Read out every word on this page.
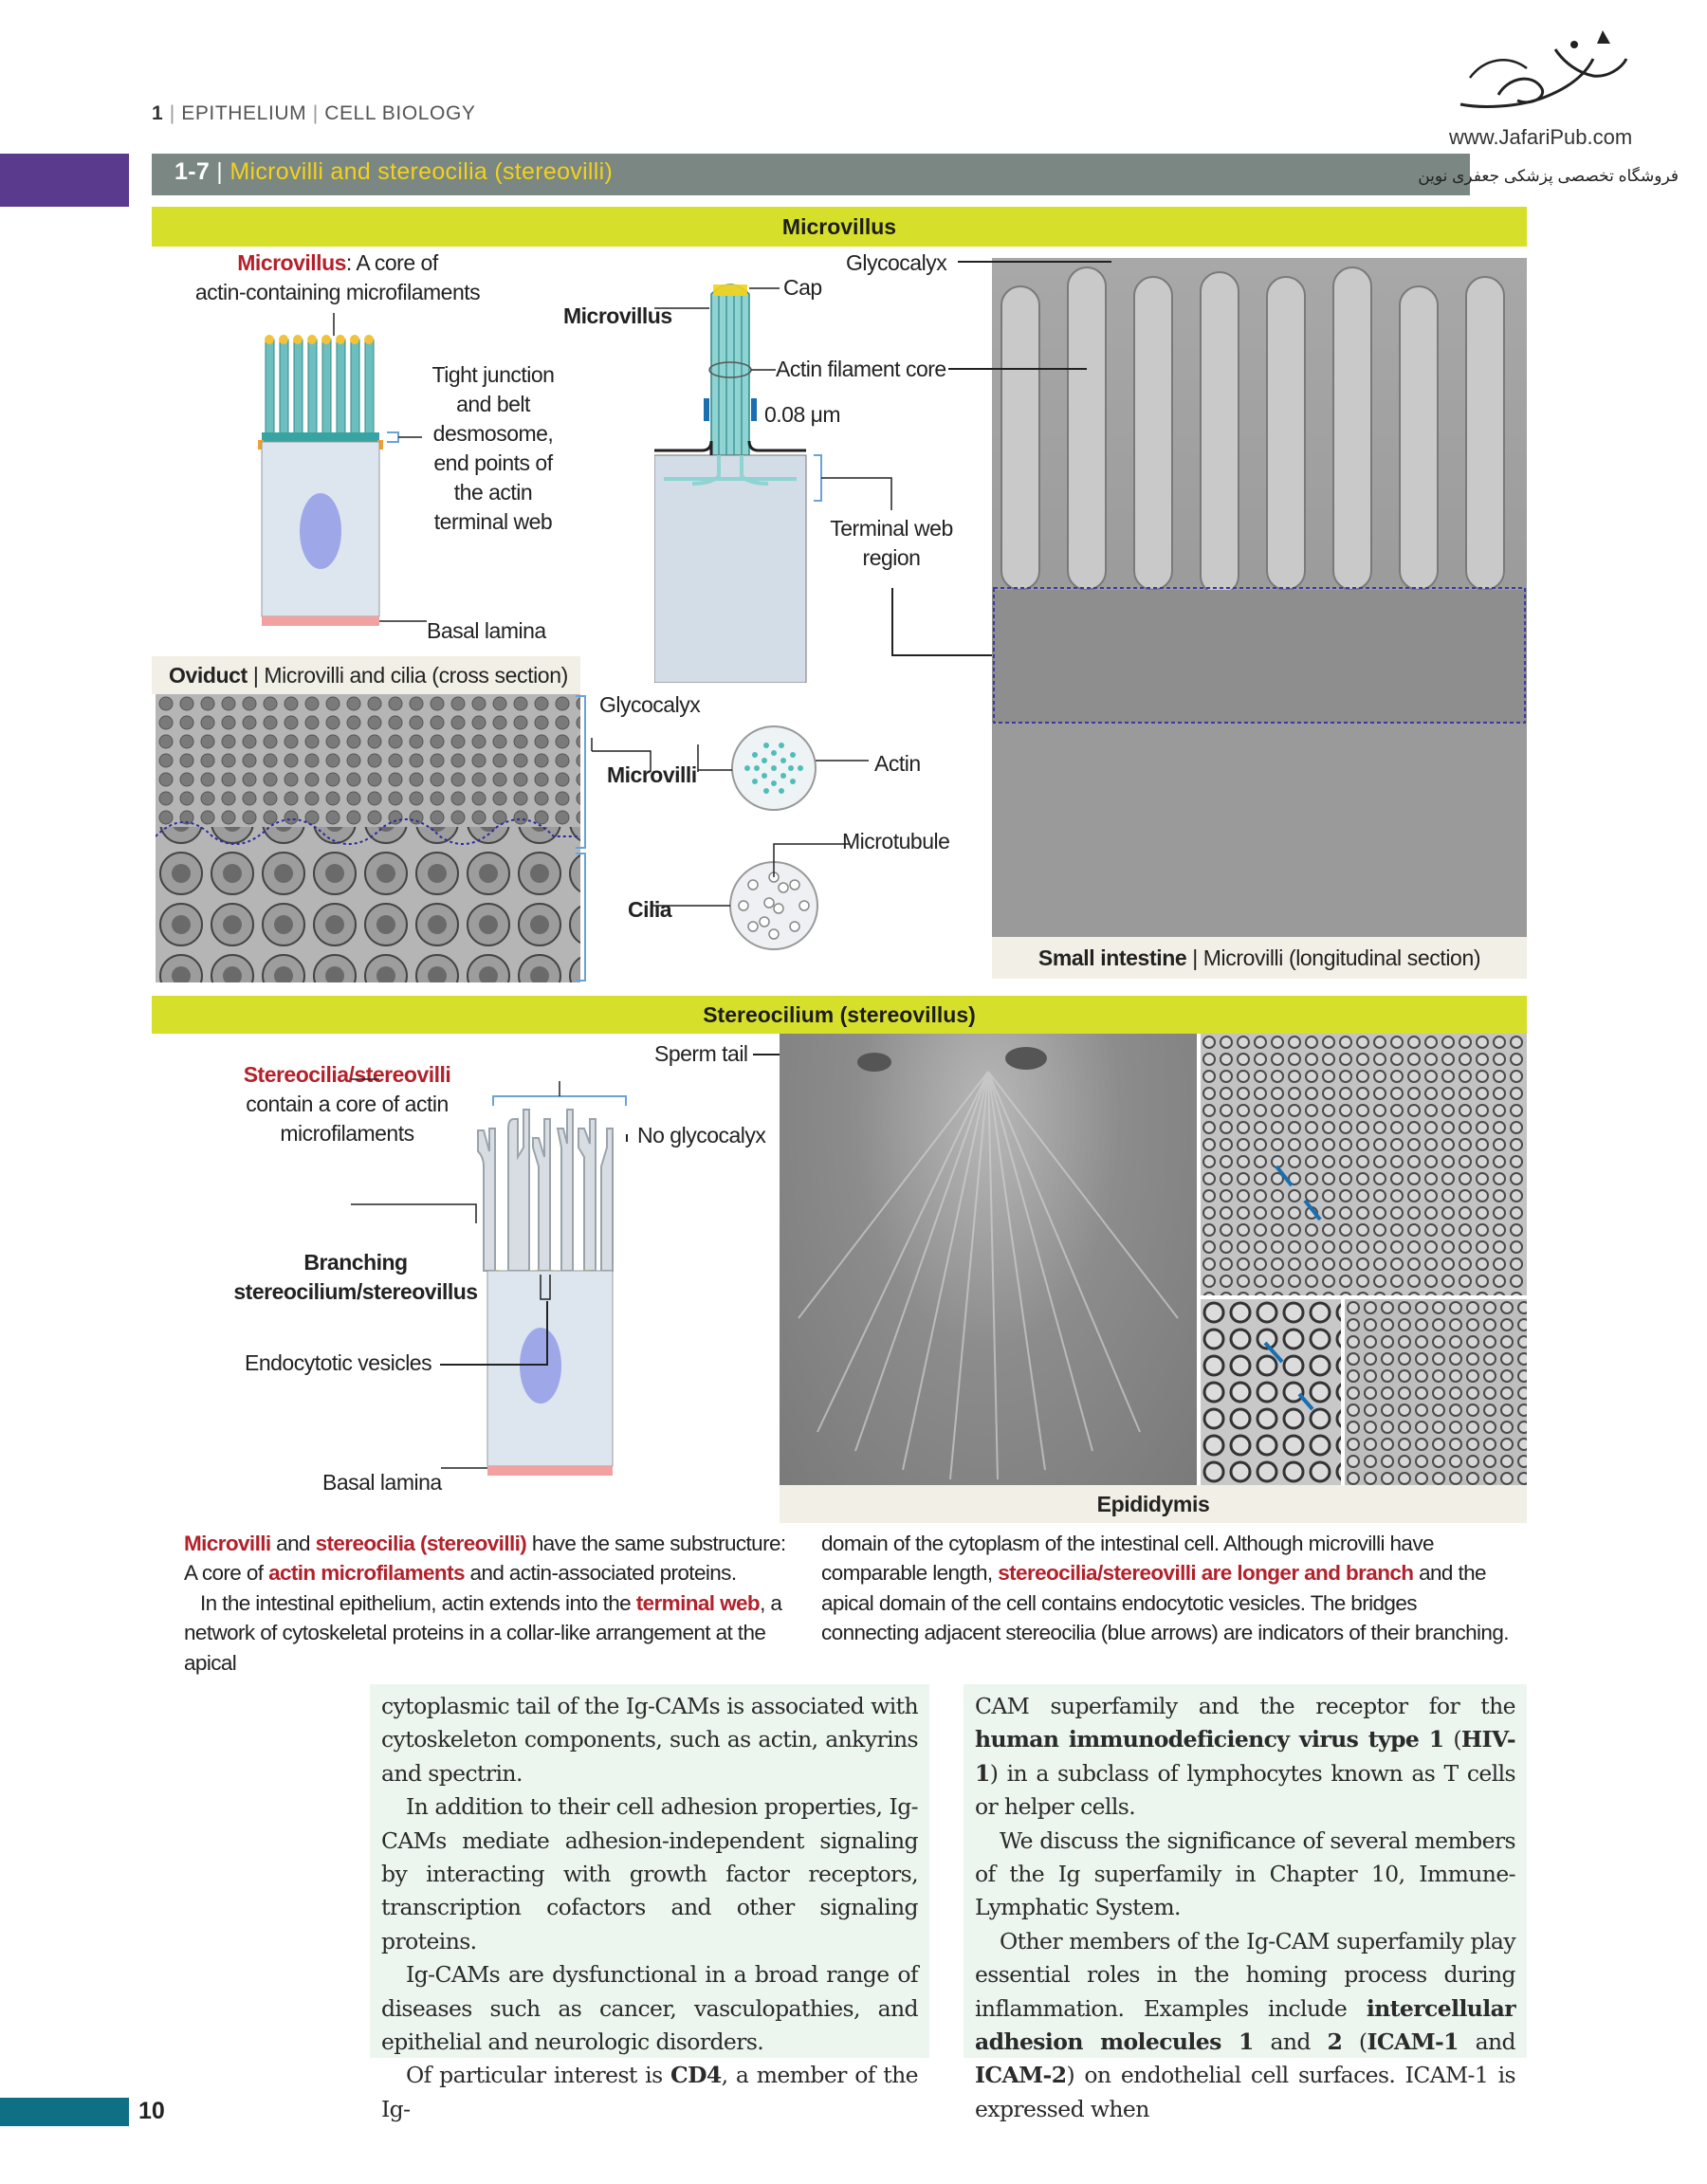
1 | EPITHELIUM | CELL BIOLOGY
1-7 | Microvilli and stereocilia (stereovilli)
www.JafariPub.com
فروشگاه تخصصی پزشکی جعفری نوین
Microvillus
Microvillus: A core of
actin-containing microfilaments
Tight junction
and belt
desmosome,
end points of
the actin
terminal web
Basal lamina
Microvillus
Cap
Actin filament core
0.08 μm
Terminal web
region
Glycocalyx
Small intestine | Microvilli (longitudinal section)
Oviduct | Microvilli and cilia (cross section)
Glycocalyx
Microvilli	Actin
Microtubule
Cilia
Stereocilium (stereovillus)
Stereocilia/stereovilli
contain a core of actin
microfilaments
Sperm tail
No glycocalyx
Branching
stereocilium/stereovillus
Endocytotic vesicles
Basal lamina
Epididymis
Microvilli and stereocilia (stereovilli) have the same substructure:
A core of actin microfilaments and actin-associated proteins.
In the intestinal epithelium, actin extends into the terminal web, a
network of cytoskeletal proteins in a collar-like arrangement at the apical
domain of the cytoplasm of the intestinal cell. Although microvilli have
comparable length, stereocilia/stereovilli are longer and branch and the
apical domain of the cell contains endocytotic vesicles. The bridges
connecting adjacent stereocilia (blue arrows) are indicators of their branching.

cytoplasmic tail of the Ig-CAMs is associated with cytoskeleton components, such as actin, ankyrins and spectrin.

In addition to their cell adhesion properties, Ig-CAMs mediate adhesion-independent signaling by interacting with growth factor receptors, transcription cofactors and other signaling proteins.

Ig-CAMs are dysfunctional in a broad range of diseases such as cancer, vasculopathies, and epithelial and neurologic disorders.

Of particular interest is CD4, a member of the Ig-

CAM superfamily and the receptor for the human immunodeficiency virus type 1 (HIV-1) in a subclass of lymphocytes known as T cells or helper cells.

We discuss the significance of several members of the Ig superfamily in Chapter 10, Immune-Lymphatic System.

Other members of the Ig-CAM superfamily play essential roles in the homing process during inflammation. Examples include intercellular adhesion molecules 1 and 2 (ICAM-1 and ICAM-2) on endothelial cell surfaces. ICAM-1 is expressed when

10
